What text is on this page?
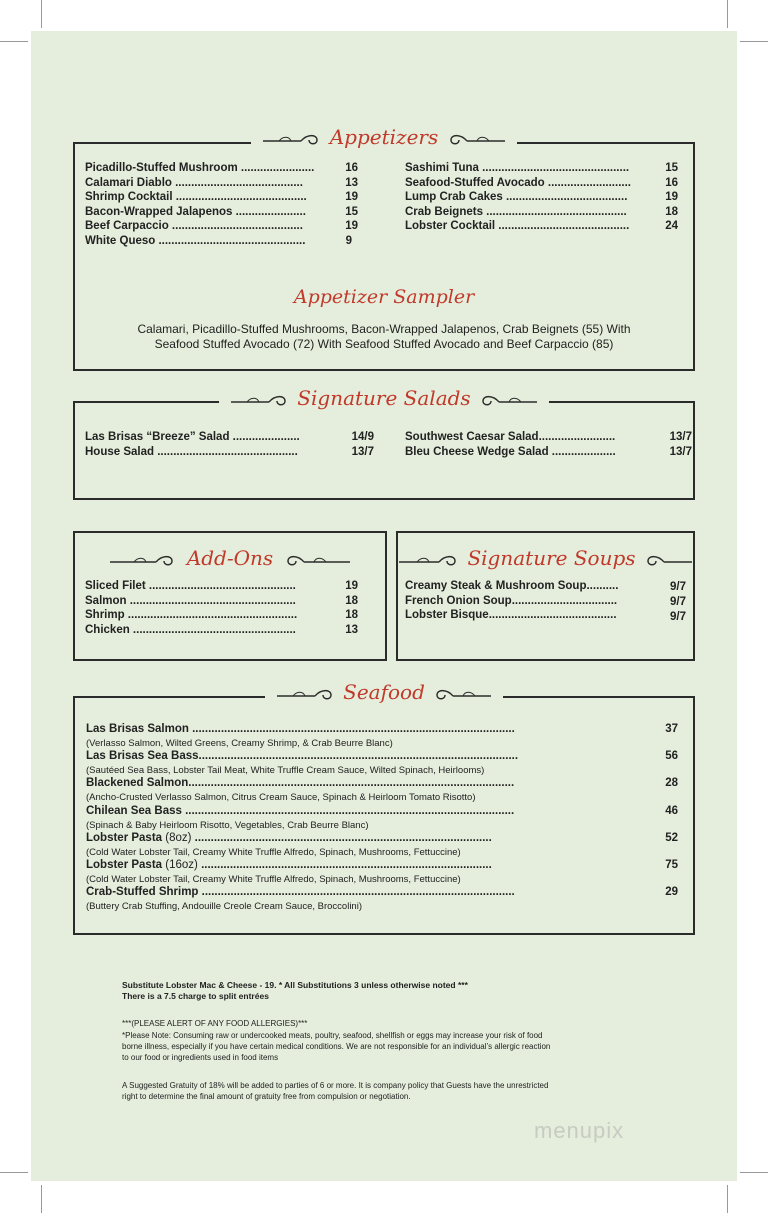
Appetizers
Picadillo-Stuffed Mushroom .......................	16
Calamari Diablo ........................................	13
Shrimp Cocktail .........................................	19
Bacon-Wrapped Jalapenos ......................	15
Beef Carpaccio .........................................	19
White Queso ..............................................	9
Sashimi Tuna ..............................................	15
Seafood-Stuffed Avocado ..........................	16
Lump Crab Cakes ......................................	19
Crab Beignets ............................................	18
Lobster Cocktail .........................................	24
Appetizer Sampler
Calamari, Picadillo-Stuffed Mushrooms, Bacon-Wrapped Jalapenos, Crab Beignets (55) With
Seafood Stuffed Avocado (72) With Seafood Stuffed Avocado and Beef Carpaccio (85)
Signature Salads
Las Brisas “Breeze” Salad .....................	14/9
House Salad ............................................	13/7
Southwest Caesar Salad........................	13/7
Bleu Cheese Wedge Salad ....................	13/7
Add-Ons
Sliced Filet ..............................................	19
Salmon ....................................................	18
Shrimp .....................................................	18
Chicken ...................................................	13
Signature Soups
Creamy Steak & Mushroom Soup..........	9/7
French Onion Soup.................................	9/7
Lobster Bisque........................................	9/7
Seafood
Las Brisas Salmon .....................................................................................................	37
(Verlasso Salmon, Wilted Greens, Creamy Shrimp, & Crab Beurre Blanc)
Las Brisas Sea Bass....................................................................................................	56
(Sautéed Sea Bass, Lobster Tail Meat, White Truffle Cream Sauce, Wilted Spinach, Heirlooms)
Blackened Salmon......................................................................................................	28
(Ancho-Crusted Verlasso Salmon, Citrus Cream Sauce, Spinach & Heirloom Tomato Risotto)
Chilean Sea Bass .......................................................................................................	46
(Spinach & Baby Heirloom Risotto, Vegetables, Crab Beurre Blanc)
Lobster Pasta (8oz) .............................................................................................	52
(Cold Water Lobster Tail, Creamy White Truffle Alfredo, Spinach, Mushrooms, Fettuccine)
Lobster Pasta (16oz) ...........................................................................................	75
(Cold Water Lobster Tail, Creamy White Truffle Alfredo, Spinach, Mushrooms, Fettuccine)
Crab-Stuffed Shrimp ..................................................................................................	29
(Buttery Crab Stuffing, Andouille Creole Cream Sauce, Broccolini)
Substitute Lobster Mac & Cheese - 19. * All Substitutions 3 unless otherwise noted ***
There is a 7.5 charge to split entrées
***(PLEASE ALERT OF ANY FOOD ALLERGIES)***
*Please Note: Consuming raw or undercooked meats, poultry, seafood, shellfish or eggs may increase your risk of food
borne illness, especially if you have certain medical conditions. We are not responsible for an individual’s allergic reaction
to our food or ingredients used in food items
A Suggested Gratuity of 18% will be added to parties of 6 or more. It is company policy that Guests have the unrestricted
right to determine the final amount of gratuity free from compulsion or negotiation.
menupix
